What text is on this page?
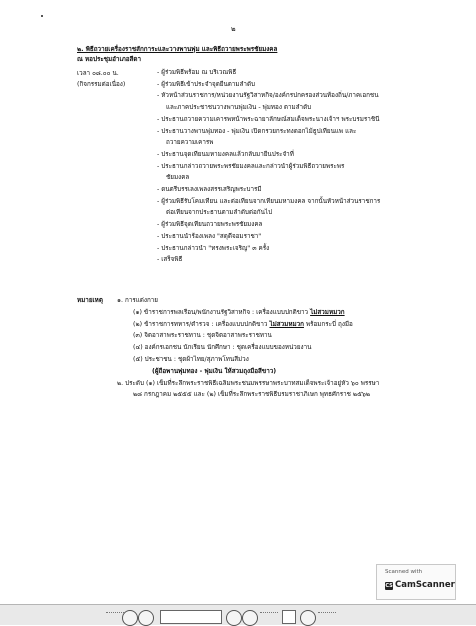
๒
๒. พิธีถวายเครื่องราชสักการะและวางพานพุ่ม และพิธีถวายพระพรชัยมงคล
ณ หอประชุมอำเภอสีดา
เวลา ๐๘.๐๐ น.
(กิจกรรมต่อเนื่อง)
- ผู้ร่วมพิธีพร้อม ณ บริเวณพิธี
- ผู้ร่วมพิธีเข้าประจำจุดยืนตามลำดับ
- หัวหน้าส่วนราชการ/หน่วยงานรัฐวิสาหกิจ/องค์กรปกครองส่วนท้องถิ่น/ภาคเอกชน
และภาคประชาชนวางพานพุ่มเงิน - พุ่มทอง ตามลำดับ
- ประธานถวายความเคารพหน้าพระฉายาลักษณ์สมเด็จพระนางเจ้าฯ พระบรมราชินี
- ประธานวางพานพุ่มทอง - พุ่มเงิน เปิดกรวยกระทงดอกไม้ธูปเทียนแพ และ
ถวายความเคารพ
- ประธานจุดเทียนมหามงคลแล้วกลับมายืนประจำที่
- ประธานกล่าวถวายพระพรชัยมงคลและกล่าวนำผู้ร่วมพิธีถวายพระพร
ชัยมงคล
- ดนตรีบรรเลงเพลงสรรเสริญพระบารมี
- ผู้ร่วมพิธีรับโคมเทียน และต่อเทียนจากเทียนมหามงคล จากนั้นหัวหน้าส่วนราชการ
ต่อเทียนจากประธานตามลำดับต่อกันไป
- ผู้ร่วมพิธีจุดเทียนถวายพระพรชัยมงคล
- ประธานนำร้องเพลง "สดุดีจอมราชา"
- ประธานกล่าวนำ "ทรงพระเจริญ" ๓ ครั้ง
- เสร็จพิธี
หมายเหตุ ๑. การแต่งกาย
(๑) ข้าราชการพลเรือน/พนักงานรัฐวิสาหกิจ : เครื่องแบบปกติขาว ไม่สวมหมวก
(๒) ข้าราชการทหาร/ตำรวจ : เครื่องแบบปกติขาว ไม่สวมหมวก พร้อมกระบี่ ถุงมือ
(๓) จิตอาสาพระราชทาน : ชุดจิตอาสาพระราชทาน
(๔) องค์กรเอกชน นักเรียน นักศึกษา : ชุดเครื่องแบบของหน่วยงาน
(๕) ประชาชน : ชุดผ้าไทย/สุภาพโทนสีม่วง
(ผู้ถือพานพุ่มทอง - พุ่มเงิน ให้สวมถุงมือสีขาว)
๒. ประดับ (๑) เข็มที่ระลึกพระราชพิธีเฉลิมพระชนมพรรษาพระบาทสมเด็จพระเจ้าอยู่หัว ๖๐ พรรษา
๒๘ กรกฎาคม ๒๕๕๕ และ (๒) เข็มที่ระลึกพระราชพิธีบรมราชาภิเษก พุทธศักราช ๒๕๖๒
Scanned with
CS CamScanner
